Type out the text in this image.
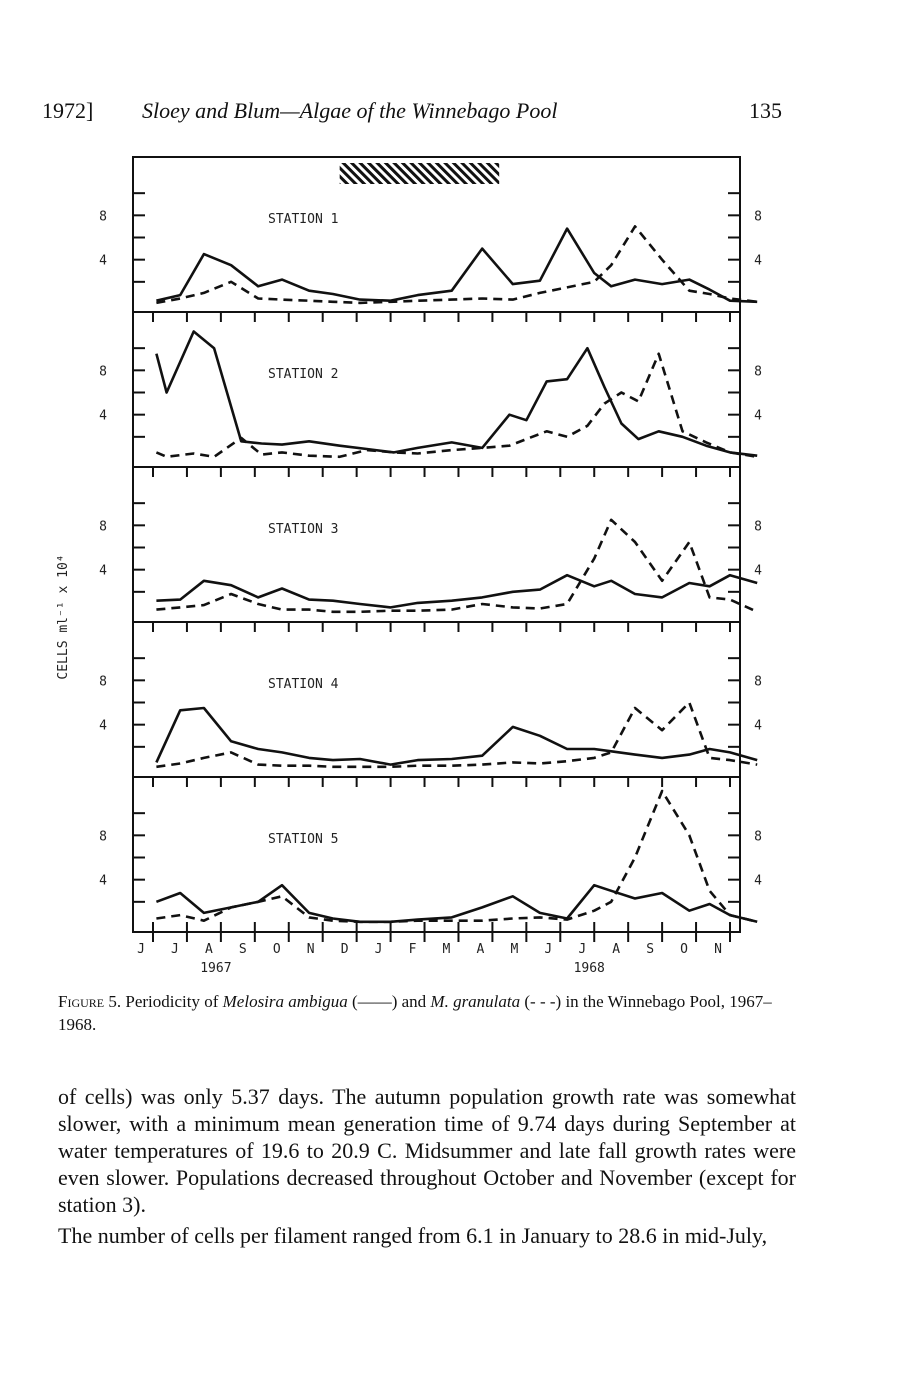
1972] Sloey and Blum—Algae of the Winnebago Pool	135
4	4
8	8
STATION 1
4	4
8	8
STATION 2
4	4
8	8
STATION 3
4	4
8	8
STATION 4
4	4
8	8
STATION 5
J J A S O N D J F M A M J J A S O N
1967	1968
CELLS ml⁻¹ x 10⁴
Figure 5. Periodicity of Melosira ambigua (——) and M. granulata (- - -) in the Winnebago Pool, 1967–1968.

of cells) was only 5.37 days. The autumn population growth rate was somewhat slower, with a minimum mean generation time of 9.74 days during September at water temperatures of 19.6 to 20.9 C. Midsummer and late fall growth rates were even slower. Populations decreased throughout October and November (except for station 3).

The number of cells per filament ranged from 6.1 in January to 28.6 in mid-July,
